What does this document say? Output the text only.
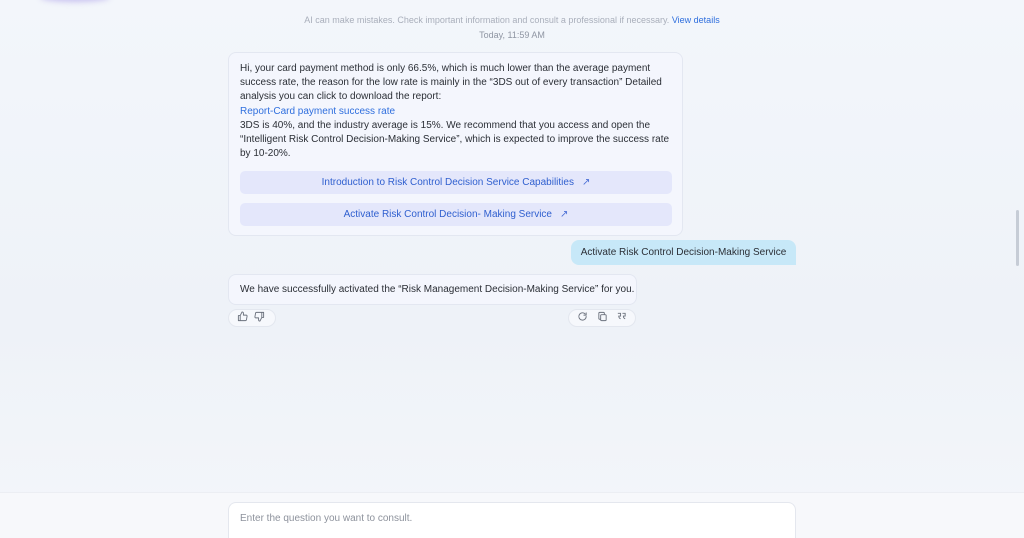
AI can make mistakes. Check important information and consult a professional if necessary. View details
Today, 11:59 AM

Hi, your card payment method is only 66.5%, which is much lower than the average payment success rate, the reason for the low rate is mainly in the “3DS out of every transaction” Detailed analysis you can click to download the report:

Report-Card payment success rate

3DS is 40%, and the industry average is 15%. We recommend that you access and open the “Intelligent Risk Control Decision-Making Service”, which is expected to improve the success rate by 10-20%.

Introduction to Risk Control Decision Service Capabilities ↗
Activate Risk Control Decision- Making Service ↗
Activate Risk Control Decision-Making Service
We have successfully activated the “Risk Management Decision-Making Service” for you.
Enter the question you want to consult.
